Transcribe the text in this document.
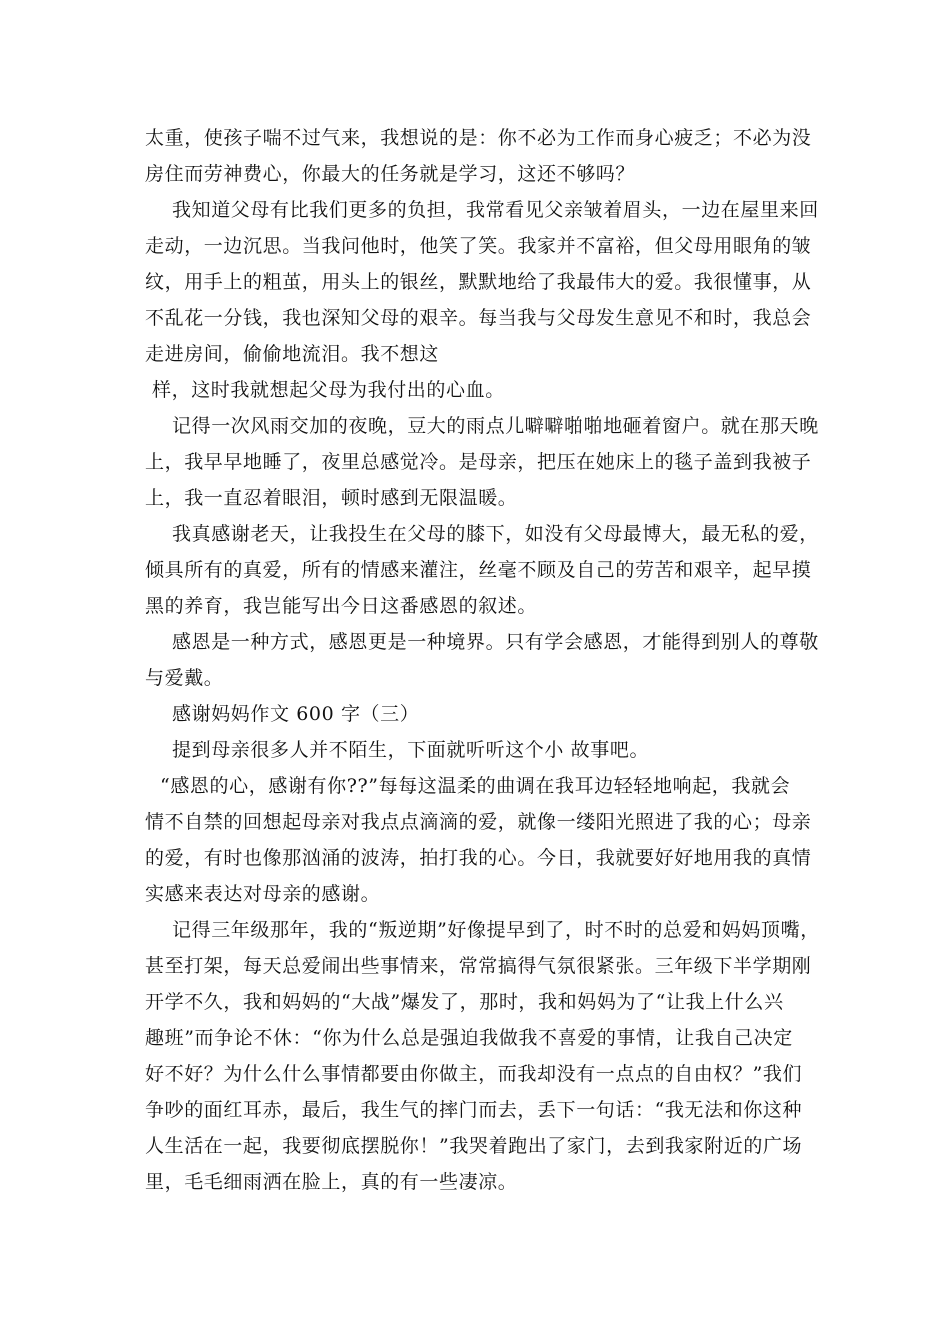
太重，使孩子喘不过气来，我想说的是：你不必为工作而身心疲乏；不必为没
房住而劳神费心，你最大的任务就是学习，这还不够吗？
我知道父母有比我们更多的负担，我常看见父亲皱着眉头，一边在屋里来回
走动，一边沉思。当我问他时，他笑了笑。我家并不富裕，但父母用眼角的皱
纹，用手上的粗茧，用头上的银丝，默默地给了我最伟大的爱。我很懂事，从
不乱花一分钱，我也深知父母的艰辛。每当我与父母发生意见不和时，我总会
走进房间，偷偷地流泪。我不想这
样，这时我就想起父母为我付出的心血。
记得一次风雨交加的夜晚，豆大的雨点儿噼噼啪啪地砸着窗户。就在那天晚
上，我早早地睡了，夜里总感觉冷。是母亲，把压在她床上的毯子盖到我被子
上，我一直忍着眼泪，顿时感到无限温暖。
我真感谢老天，让我投生在父母的膝下，如没有父母最博大，最无私的爱，
倾具所有的真爱，所有的情感来灌注，丝毫不顾及自己的劳苦和艰辛，起早摸
黑的养育，我岂能写出今日这番感恩的叙述。
感恩是一种方式，感恩更是一种境界。只有学会感恩，才能得到别人的尊敬
与爱戴。
感谢妈妈作文 600 字（三）
提到母亲很多人并不陌生，下面就听听这个小 故事吧。
“感恩的心，感谢有你??”每每这温柔的曲调在我耳边轻轻地响起，我就会
情不自禁的回想起母亲对我点点滴滴的爱，就像一缕阳光照进了我的心；母亲
的爱，有时也像那汹涌的波涛，拍打我的心。今日，我就要好好地用我的真情
实感来表达对母亲的感谢。
记得三年级那年，我的“叛逆期”好像提早到了，时不时的总爱和妈妈顶嘴，
甚至打架，每天总爱闹出些事情来，常常搞得气氛很紧张。三年级下半学期刚
开学不久，我和妈妈的“大战”爆发了，那时，我和妈妈为了“让我上什么兴
趣班”而争论不休：“你为什么总是强迫我做我不喜爱的事情，让我自己决定
好不好？为什么什么事情都要由你做主，而我却没有一点点的自由权？”我们
争吵的面红耳赤，最后，我生气的摔门而去，丢下一句话：“我无法和你这种
人生活在一起，我要彻底摆脱你！”我哭着跑出了家门，去到我家附近的广场
里，毛毛细雨洒在脸上，真的有一些凄凉。
